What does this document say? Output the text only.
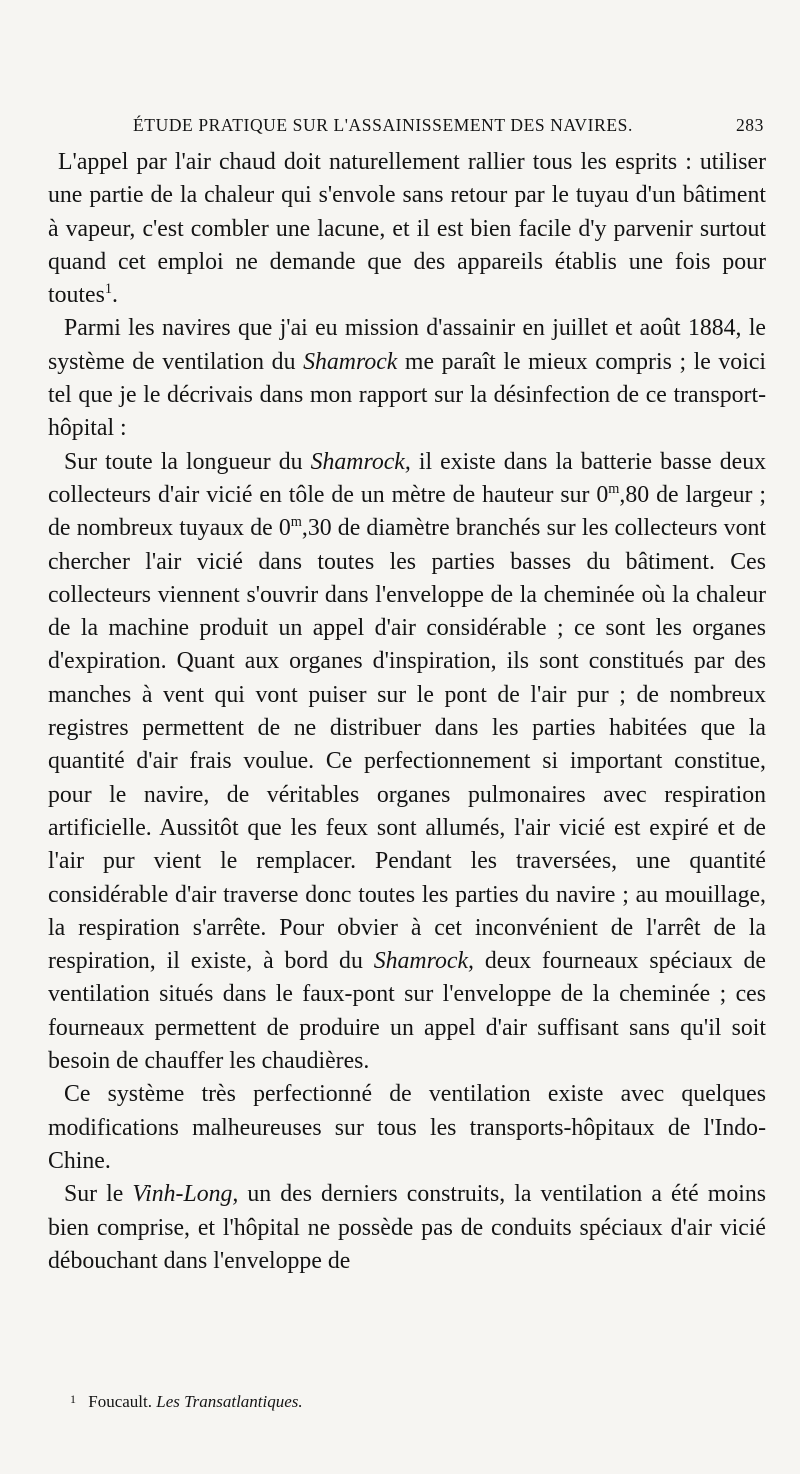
ÉTUDE PRATIQUE SUR L'ASSAINISSEMENT DES NAVIRES.	283

L'appel par l'air chaud doit naturellement rallier tous les esprits : utiliser une partie de la chaleur qui s'envole sans retour par le tuyau d'un bâtiment à vapeur, c'est combler une lacune, et il est bien facile d'y parvenir surtout quand cet emploi ne demande que des appareils établis une fois pour toutes$^1$.

Parmi les navires que j'ai eu mission d'assainir en juillet et août 1884, le système de ventilation du Shamrock me paraît le mieux compris ; le voici tel que je le décrivais dans mon rapport sur la désinfection de ce transport-hôpital :

Sur toute la longueur du Shamrock, il existe dans la batterie basse deux collecteurs d'air vicié en tôle de un mètre de hauteur sur 0$^m$,80 de largeur ; de nombreux tuyaux de 0$^m$,30 de diamètre branchés sur les collecteurs vont chercher l'air vicié dans toutes les parties basses du bâtiment. Ces collecteurs viennent s'ouvrir dans l'enveloppe de la cheminée où la chaleur de la machine produit un appel d'air considérable ; ce sont les organes d'expiration. Quant aux organes d'inspiration, ils sont constitués par des manches à vent qui vont puiser sur le pont de l'air pur ; de nombreux registres permettent de ne distribuer dans les parties habitées que la quantité d'air frais voulue. Ce perfectionnement si important constitue, pour le navire, de véritables organes pulmonaires avec respiration artificielle. Aussitôt que les feux sont allumés, l'air vicié est expiré et de l'air pur vient le remplacer. Pendant les traversées, une quantité considérable d'air traverse donc toutes les parties du navire ; au mouillage, la respiration s'arrête. Pour obvier à cet inconvénient de l'arrêt de la respiration, il existe, à bord du Shamrock, deux fourneaux spéciaux de ventilation situés dans le faux-pont sur l'enveloppe de la cheminée ; ces fourneaux permettent de produire un appel d'air suffisant sans qu'il soit besoin de chauffer les chaudières.

Ce système très perfectionné de ventilation existe avec quelques modifications malheureuses sur tous les transports-hôpitaux de l'Indo-Chine.

Sur le Vinh-Long, un des derniers construits, la ventilation a été moins bien comprise, et l'hôpital ne possède pas de conduits spéciaux d'air vicié débouchant dans l'enveloppe de

$^1$ Foucault. Les Transatlantiques.
